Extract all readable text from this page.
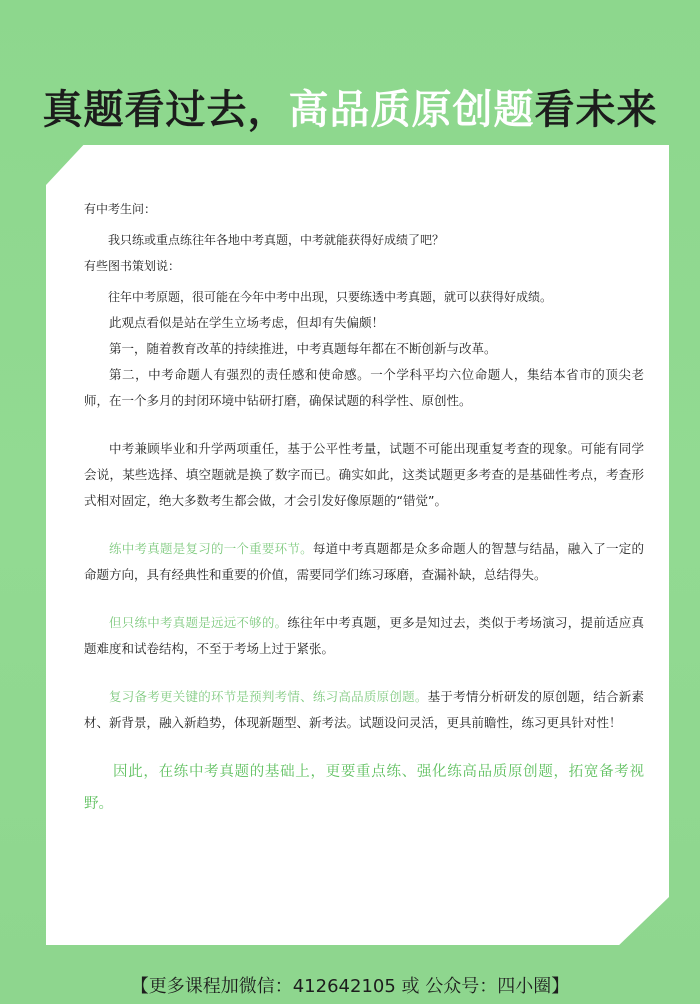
真题看过去，高品质原创题看未来
有中考生问：

我只练或重点练往年各地中考真题，中考就能获得好成绩了吧？

有些图书策划说：

往年中考原题，很可能在今年中考中出现，只要练透中考真题，就可以获得好成绩。

此观点看似是站在学生立场考虑，但却有失偏颇！

第一，随着教育改革的持续推进，中考真题每年都在不断创新与改革。

第二，中考命题人有强烈的责任感和使命感。一个学科平均六位命题人，集结本省市的顶尖老师，在一个多月的封闭环境中钻研打磨，确保试题的科学性、原创性。

中考兼顾毕业和升学两项重任，基于公平性考量，试题不可能出现重复考查的现象。可能有同学会说，某些选择、填空题就是换了数字而已。确实如此，这类试题更多考查的是基础性考点，考查形式相对固定，绝大多数考生都会做，才会引发好像原题的“错觉”。

练中考真题是复习的一个重要环节。每道中考真题都是众多命题人的智慧与结晶，融入了一定的命题方向，具有经典性和重要的价值，需要同学们练习琢磨，查漏补缺，总结得失。

但只练中考真题是远远不够的。练往年中考真题，更多是知过去，类似于考场演习，提前适应真题难度和试卷结构，不至于考场上过于紧张。

复习备考更关键的环节是预判考情、练习高品质原创题。基于考情分析研发的原创题，结合新素材、新背景，融入新趋势，体现新题型、新考法。试题设问灵活，更具前瞻性，练习更具针对性！

因此，在练中考真题的基础上，更要重点练、强化练高品质原创题，拓宽备考视野。

【更多课程加微信：412642105 或 公众号：四小圈】
